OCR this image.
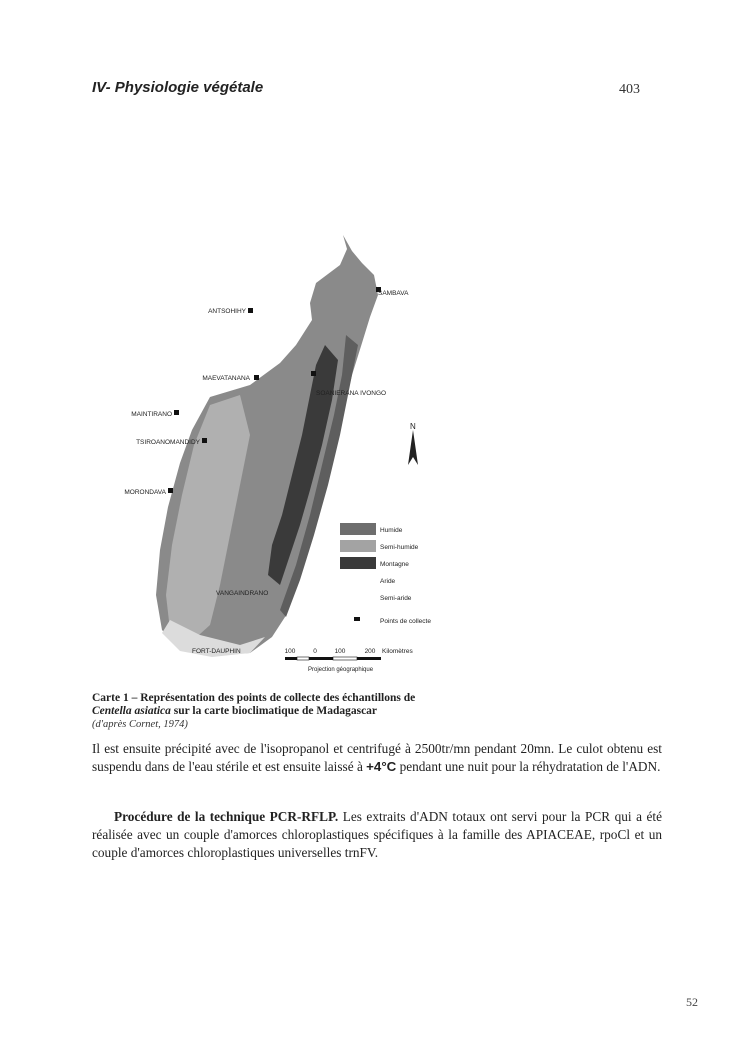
IV- Physiologie végétale	403
SAMBAVA
ANTSOHIHY
MAEVATANANA
SOANIERANA IVONGO
MAINTIRANO
TSIROANOMANDIDY
MORONDAVA
VANGAINDRANO
FORT-DAUPHIN
N
Humide
Semi-humide
Montagne
Aride
Semi-aride
Points de collecte
100	0	100	200 Kilomètres
Projection géographique
Carte 1 – Représentation des points de collecte des échantillons de Centella asiatica sur la carte bioclimatique de Madagascar
(d'après Cornet, 1974)
Il est ensuite précipité avec de l'isopropanol et centrifugé à 2500tr/mn pendant 20mn. Le culot obtenu est suspendu dans de l'eau stérile et est ensuite laissé à +4°C pendant une nuit pour la réhydratation de l'ADN.
Procédure de la technique PCR-RFLP. Les extraits d'ADN totaux ont servi pour la PCR qui a été réalisée avec un couple d'amorces chloroplastiques spécifiques à la famille des APIACEAE, rpoCl et un couple d'amorces chloroplastiques universelles trnFV.
52
